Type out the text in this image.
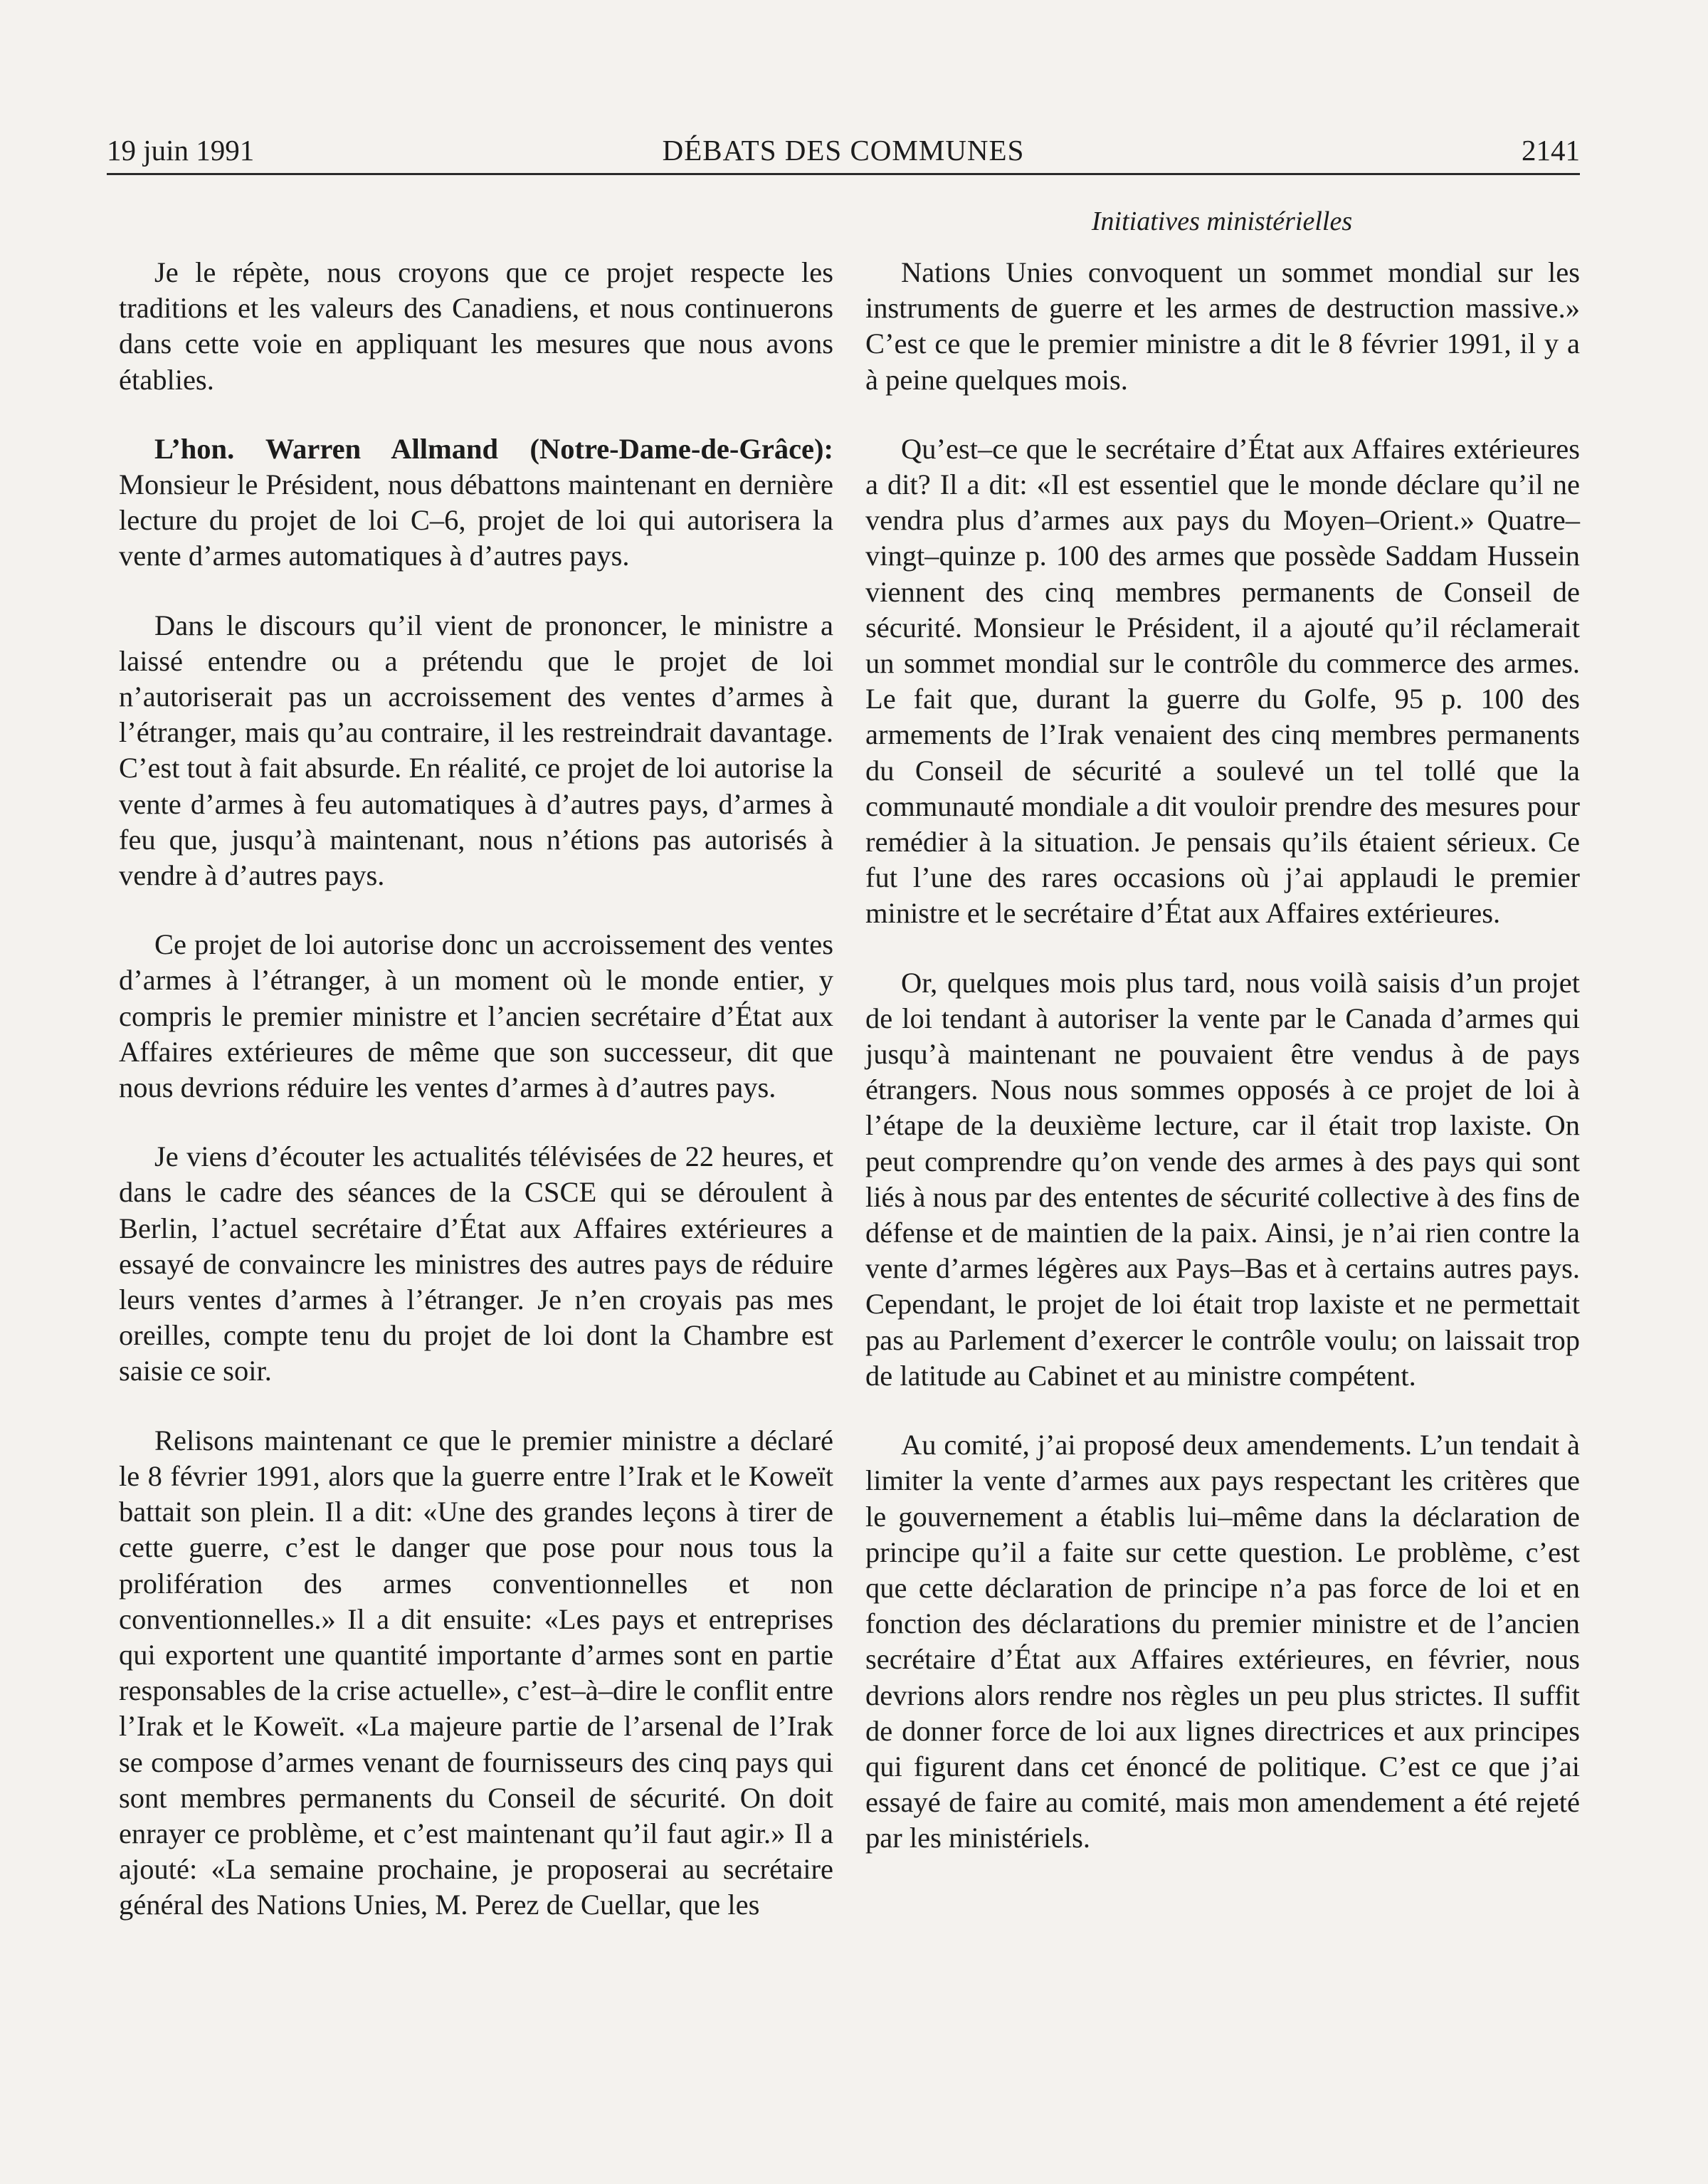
19 juin 1991	DÉBATS DES COMMUNES	2141
Initiatives ministérielles

Je le répète, nous croyons que ce projet respecte les traditions et les valeurs des Canadiens, et nous continuerons dans cette voie en appliquant les mesures que nous avons établies.

L’hon. Warren Allmand (Notre-Dame-de-Grâce): Monsieur le Président, nous débattons maintenant en dernière lecture du projet de loi C–6, projet de loi qui autorisera la vente d’armes automatiques à d’autres pays.

Dans le discours qu’il vient de prononcer, le ministre a laissé entendre ou a prétendu que le projet de loi n’autoriserait pas un accroissement des ventes d’armes à l’étranger, mais qu’au contraire, il les restreindrait davantage. C’est tout à fait absurde. En réalité, ce projet de loi autorise la vente d’armes à feu automatiques à d’autres pays, d’armes à feu que, jusqu’à maintenant, nous n’étions pas autorisés à vendre à d’autres pays.

Ce projet de loi autorise donc un accroissement des ventes d’armes à l’étranger, à un moment où le monde entier, y compris le premier ministre et l’ancien secrétaire d’État aux Affaires extérieures de même que son successeur, dit que nous devrions réduire les ventes d’armes à d’autres pays.

Je viens d’écouter les actualités télévisées de 22 heures, et dans le cadre des séances de la CSCE qui se déroulent à Berlin, l’actuel secrétaire d’État aux Affaires extérieures a essayé de convaincre les ministres des autres pays de réduire leurs ventes d’armes à l’étranger. Je n’en croyais pas mes oreilles, compte tenu du projet de loi dont la Chambre est saisie ce soir.

Relisons maintenant ce que le premier ministre a déclaré le 8 février 1991, alors que la guerre entre l’Irak et le Koweït battait son plein. Il a dit: «Une des grandes leçons à tirer de cette guerre, c’est le danger que pose pour nous tous la prolifération des armes conventionnelles et non conventionnelles.» Il a dit ensuite: «Les pays et entreprises qui exportent une quantité importante d’armes sont en partie responsables de la crise actuelle», c’est–à–dire le conflit entre l’Irak et le Koweït. «La majeure partie de l’arsenal de l’Irak se compose d’armes venant de fournisseurs des cinq pays qui sont membres permanents du Conseil de sécurité. On doit enrayer ce problème, et c’est maintenant qu’il faut agir.» Il a ajouté: «La semaine prochaine, je proposerai au secrétaire général des Nations Unies, M. Perez de Cuellar, que les

Nations Unies convoquent un sommet mondial sur les instruments de guerre et les armes de destruction massive.» C’est ce que le premier ministre a dit le 8 février 1991, il y a à peine quelques mois.

Qu’est–ce que le secrétaire d’État aux Affaires extérieures a dit? Il a dit: «Il est essentiel que le monde déclare qu’il ne vendra plus d’armes aux pays du Moyen–Orient.» Quatre–vingt–quinze p. 100 des armes que possède Saddam Hussein viennent des cinq membres permanents de Conseil de sécurité. Monsieur le Président, il a ajouté qu’il réclamerait un sommet mondial sur le contrôle du commerce des armes. Le fait que, durant la guerre du Golfe, 95 p. 100 des armements de l’Irak venaient des cinq membres permanents du Conseil de sécurité a soulevé un tel tollé que la communauté mondiale a dit vouloir prendre des mesures pour remédier à la situation. Je pensais qu’ils étaient sérieux. Ce fut l’une des rares occasions où j’ai applaudi le premier ministre et le secrétaire d’État aux Affaires extérieures.

Or, quelques mois plus tard, nous voilà saisis d’un projet de loi tendant à autoriser la vente par le Canada d’armes qui jusqu’à maintenant ne pouvaient être vendus à de pays étrangers. Nous nous sommes opposés à ce projet de loi à l’étape de la deuxième lecture, car il était trop laxiste. On peut comprendre qu’on vende des armes à des pays qui sont liés à nous par des ententes de sécurité collective à des fins de défense et de maintien de la paix. Ainsi, je n’ai rien contre la vente d’armes légères aux Pays–Bas et à certains autres pays. Cependant, le projet de loi était trop laxiste et ne permettait pas au Parlement d’exercer le contrôle voulu; on laissait trop de latitude au Cabinet et au ministre compétent.

Au comité, j’ai proposé deux amendements. L’un tendait à limiter la vente d’armes aux pays respectant les critères que le gouvernement a établis lui–même dans la déclaration de principe qu’il a faite sur cette question. Le problème, c’est que cette déclaration de principe n’a pas force de loi et en fonction des déclarations du premier ministre et de l’ancien secrétaire d’État aux Affaires extérieures, en février, nous devrions alors rendre nos règles un peu plus strictes. Il suffit de donner force de loi aux lignes directrices et aux principes qui figurent dans cet énoncé de politique. C’est ce que j’ai essayé de faire au comité, mais mon amendement a été rejeté par les ministériels.
